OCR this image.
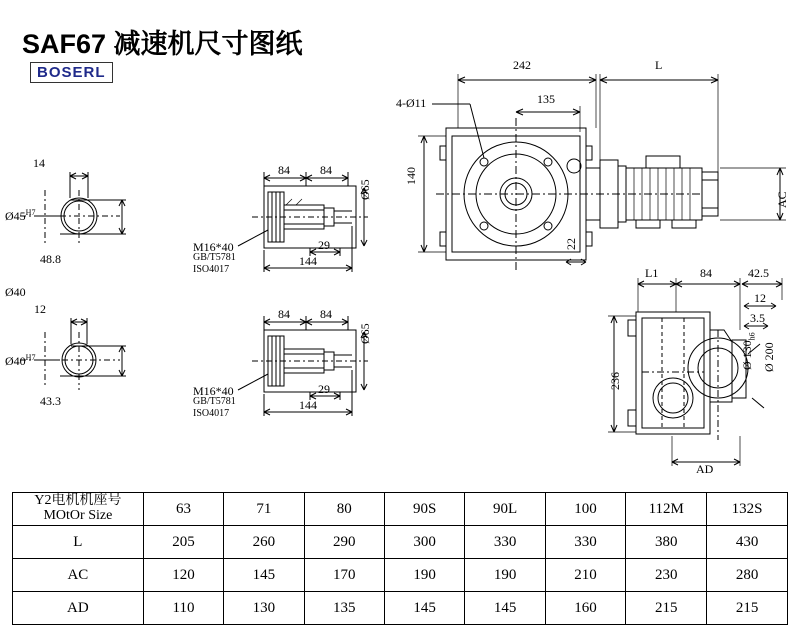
SAF67 减速机尺寸图纸
BOSERL
14
$Ø45^{H7}$
48.8
Ø40
12
$Ø40^{H7}$
43.3
84	84
29
144
Ø65
M16*40
GB/T5781
ISO4017
84	84
29
144
Ø65
M16*40
GB/T5781
ISO4017
242	L
4-Ø11	135
140
22
AC
L1	84	42.5
12
3.5
236
Ø $130_{h6}$
Ø 200
AD
Y2电机机座号
MOtOr Size	63	71	80	90S	90L	100	112M	132S
L	205	260	290	300	330	330	380	430
AC	120	145	170	190	190	210	230	280
AD	110	130	135	145	145	160	215	215
